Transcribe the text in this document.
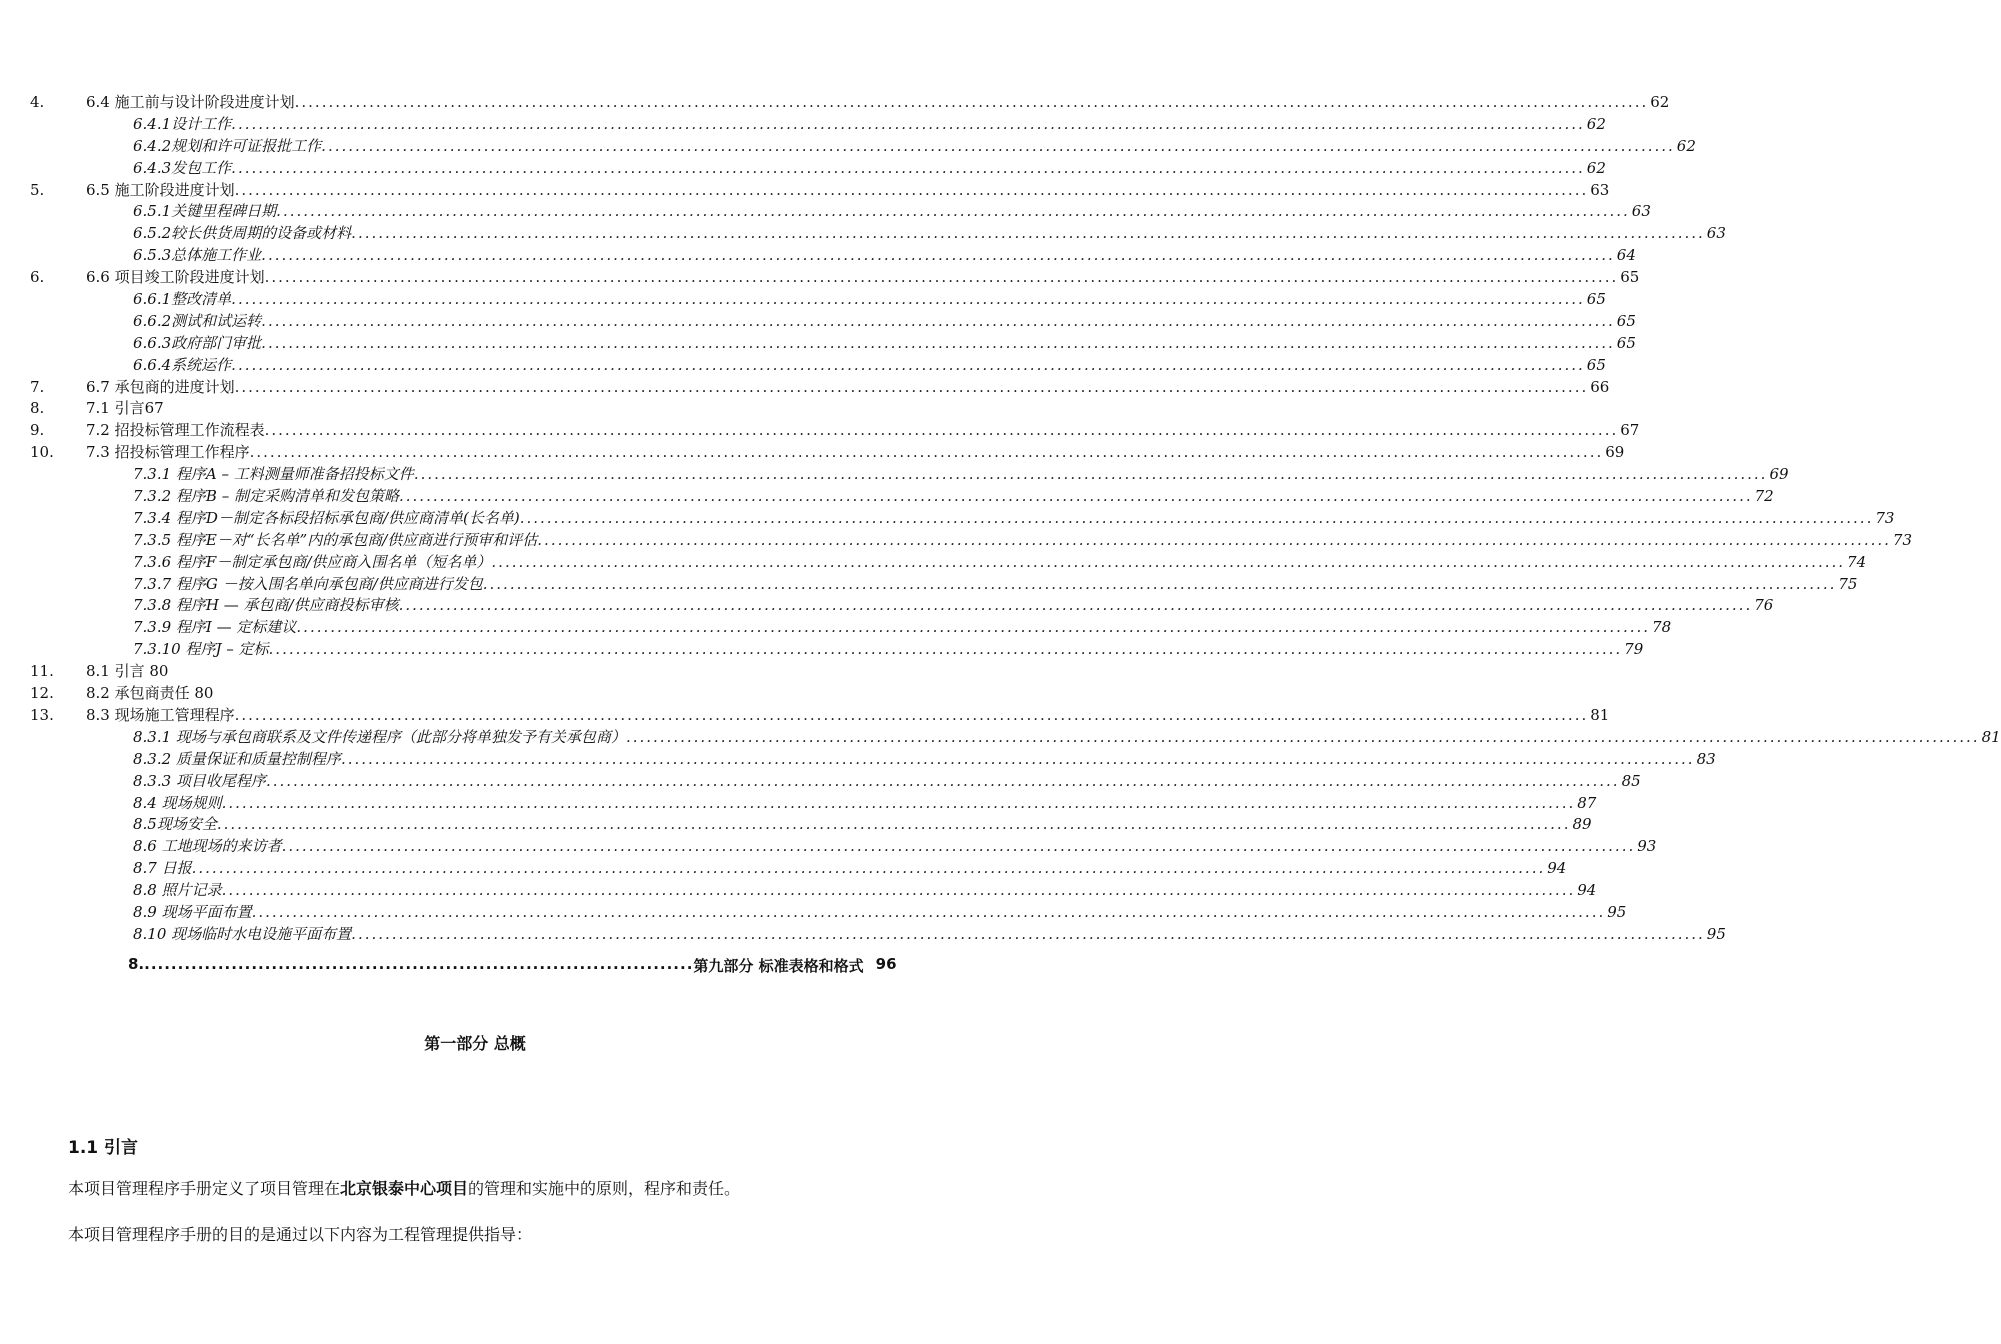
4.	6.4 施工前与设计阶段进度计划 ........................................................................................................................................................................................................ 62
6.4.1设计工作 ........................................................................................................................................................................................................ 62
6.4.2规划和许可证报批工作 ........................................................................................................................................................................................................ 62
6.4.3发包工作 ........................................................................................................................................................................................................ 62
5.	6.5 施工阶段进度计划 ........................................................................................................................................................................................................ 63
6.5.1关键里程碑日期 ........................................................................................................................................................................................................ 63
6.5.2较长供货周期的设备或材料 ........................................................................................................................................................................................................ 63
6.5.3总体施工作业 ........................................................................................................................................................................................................ 64
6.	6.6 项目竣工阶段进度计划 ........................................................................................................................................................................................................ 65
6.6.1整改清单 ........................................................................................................................................................................................................ 65
6.6.2测试和试运转 ........................................................................................................................................................................................................ 65
6.6.3政府部门审批 ........................................................................................................................................................................................................ 65
6.6.4系统运作 ........................................................................................................................................................................................................ 65
7.	6.7 承包商的进度计划 ........................................................................................................................................................................................................ 66
8.	7.1 引言67
9.	7.2 招投标管理工作流程表 ........................................................................................................................................................................................................ 67
10. 7.3 招投标管理工作程序 ........................................................................................................................................................................................................ 69
7.3.1 程序A – 工料测量师准备招投标文件 ........................................................................................................................................................................................................ 69
7.3.2 程序B – 制定采购清单和发包策略 ........................................................................................................................................................................................................ 72
7.3.4 程序D－制定各标段招标承包商/供应商清单(长名单) ........................................................................................................................................................................................................ 73
7.3.5 程序E－对“长名单”内的承包商/供应商进行预审和评估 ........................................................................................................................................................................................................ 73
7.3.6 程序F－制定承包商/供应商入围名单（短名单） ........................................................................................................................................................................................................ 74
7.3.7 程序G －按入围名单向承包商/供应商进行发包 ........................................................................................................................................................................................................ 75
7.3.8 程序H — 承包商/供应商投标审核 ........................................................................................................................................................................................................ 76
7.3.9 程序I — 定标建议 ........................................................................................................................................................................................................ 78
7.3.10 程序J – 定标 ........................................................................................................................................................................................................ 79
11. 8.1 引言 80
12. 8.2 承包商责任 80
13. 8.3 现场施工管理程序 ........................................................................................................................................................................................................ 81
8.3.1 现场与承包商联系及文件传递程序（此部分将单独发予有关承包商） ........................................................................................................................................................................................................ 81
8.3.2 质量保证和质量控制程序 ........................................................................................................................................................................................................ 83
8.3.3 项目收尾程序 ........................................................................................................................................................................................................ 85
8.4 现场规则 ........................................................................................................................................................................................................ 87
8.5现场安全 ........................................................................................................................................................................................................ 89
8.6 工地现场的来访者 ........................................................................................................................................................................................................ 93
8.7 日报 ........................................................................................................................................................................................................ 94
8.8 照片记录 ........................................................................................................................................................................................................ 94
8.9 现场平面布置 ........................................................................................................................................................................................................ 95
8.10 现场临时水电设施平面布置 ........................................................................................................................................................................................................ 95
8. .................................................................................. 第九部分 标准表格和格式 96
第一部分 总概
1.1 引言
本项目管理程序手册定义了项目管理在北京银泰中心项目的管理和实施中的原则，程序和责任。
本项目管理程序手册的目的是通过以下内容为工程管理提供指导：
